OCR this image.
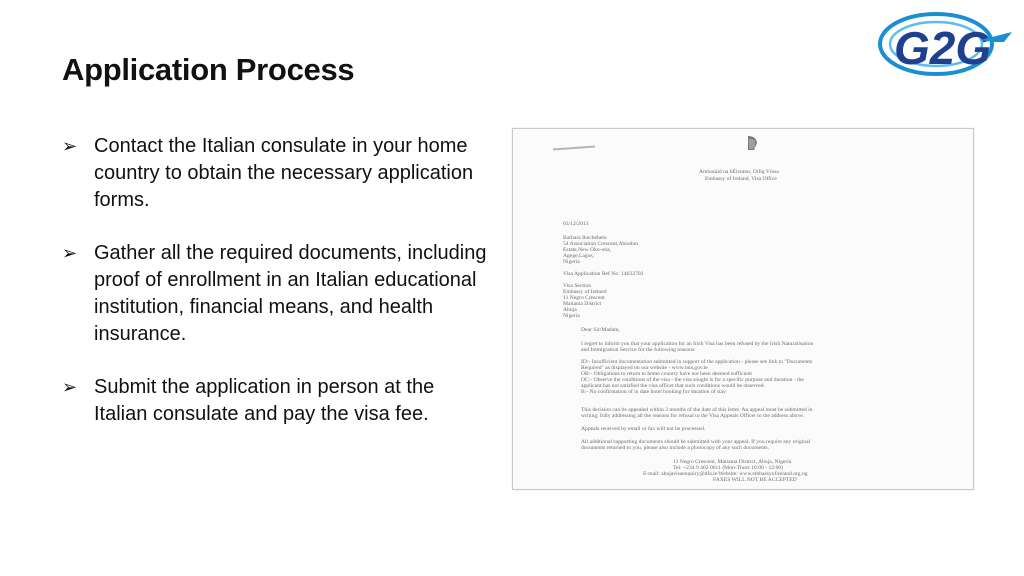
Application Process	G2G
➢ Contact the Italian consulate in your home country to obtain the necessary application forms.
➢ Gather all the required documents, including proof of enrollment in an Italian educational institution, financial means, and health insurance.
➢ Submit the application in person at the Italian consulate and pay the visa fee.
Ambasáid na hÉireann, Oifig Víosa
Embassy of Ireland, Visa Office
03/12/2013
Barbara Ikechebelu
54 Association Crescent,Abiodun
Estate,New Oko-oba,
Agege,Lagos,
Nigeria
Visa Application Ref No: 14632702
Visa Section
Embassy of Ireland
11 Negro Crescent
Maitama District
Abuja
Nigeria
Dear Sir/Madam,
I regret to inform you that your application for an Irish Visa has been refused by the Irish Naturalisation
and Immigration Service for the following reasons:
ID:- Insufficient documentation submitted in support of the application - please see link to "Documents
Required" as displayed on our website - www.inis.gov.ie
OB:- Obligations to return to home country have not been deemed sufficient
OC:- Observe the conditions of the visa - the visa sought is for a specific purpose and duration - the
applicant has not satisfied the visa officer that such conditions would be observed.
B:- No confirmation of in date hotel booking for duration of stay
This decision can be appealed within 2 months of the date of this letter. An appeal must be submitted in
writing, fully addressing all the reasons for refusal to the Visa Appeals Officer to the address above.
Appeals received by email or fax will not be processed.
All additional supporting documents should be submitted with your appeal. If you require any original
documents returned to you, please also include a photocopy of any such documents.
11 Negro Crescent, Maitama District, Abuja, Nigeria
Tel: +234 9 462 0611 (Mon-Thurs 10:00 - 12:00)
E-mail: abujavisaenquiry@dfa.ie Website: www.embassyofireland.org.ng
FAXES WILL NOT BE ACCEPTED
